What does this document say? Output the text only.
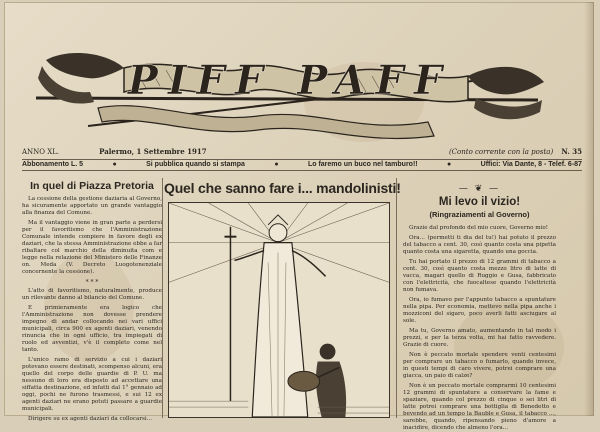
PIFF PAFF
ANNO XL.	Palermo, 1 Settembre 1917	(Conto corrente con la posta) N. 35
Abbonamento L. 5	●	Si pubblica quando si stampa	●	Lo faremo un buco nel tamburo!!	●	Uffici: Via Dante, 8 - Telef. 6-87
In quel di Piazza Pretoria

La cessione della gestione daziaria al Governo, ha sicuramente apportato un grande vantaggio alla finanza del Comune.

Ma il vantaggio viene in gran parte a perdersi per il favoritismo che l'Amministrazione Comunale intende compiere in favore degli ex daziari, che la stessa Amministrazione ebbe a far ribaltare col marchio della diminuita com e legge nella relazione del Ministero delle Finanze on. Meda (V. Decreto Luogotenenziale concernente la cessione).

* * *

L'atto di favoritismo, naturalmente, produce un rilevante danno al bilancio del Comune.

E primieramente era logico che l'Amministrazione non dovesse prendere impegno di andar collocando nei vari uffici municipali, circa 900 ex agenti daziari, venendo rinuncia che in ogni ufficio, tra impiegati di ruolo ed avventizi, v'è il completo come nel tanto.

L'unico ramo di servizio a cui i daziari potevano essere destinati, scompenso alcuni, era quello del corpo delle guardie di P. U. ma nessuno di loro era disposto ad accettare una siffatta destinazione, ed infatti dal 1° gennaio ad oggi, pochi ne furono trasmessi, e sui 12 ex agenti daziari ne erano potuti passare a guardie municipali.

Dirigere su ex agenti daziari da collocarsi...

Quel che sanno fare i... mandolinisti!	— ❦ —
Mi levo il vizio!
(Ringraziamenti al Governo)

Grazie dal profondo del mio cuore, Governo mio!

Ora... (permetti ti dia del tu!) hai potuto il prezzo del tabacco a cent. 30, così quanto costa una pipetta quanto costa una sigaretta, quando una goccia.

Tu hai portato il prezzo di 12 grammi di tabacco a cent. 30, così quanto costa mezzo litro di latte di vacca, magari quello di Ruggio e Gusa, fabbricato con l'elettricità, che fuocaltese quando l'elettricità non fumava.

Ora, io fumavo per l'appunto tabacco a spuntature nella pipa. Per economia, mettevo nella pipa anche i mozziconi del sigaro, poco averli fatti asciugare al sole.

Ma tu, Governo amato, aumentando in tal modo i prezzi, e per la terza volta, mi hai fatto ravvedere. Grazie di cuore.

Non è peccato mortale spendere venti centesimi per comprare un tabacco o fumarlo, quando invece, in questi tempi di caro vivere, potrei comprare una giacca, un paio di calze?

Non è un peccato mortale comprarmi 10 centesimi 12 grammi di spuntature a conservare la fame e spaziare, quando col prezzo di cinque o sei litri di latte potrei comprare una bottiglia di Benedetto e bevendo ad un tempo la Bauble e Gusa, il tabacco ..., sarebbe, quando, ripensando pieno d'amore a inacidire, dicendo che almeno l'ora...
